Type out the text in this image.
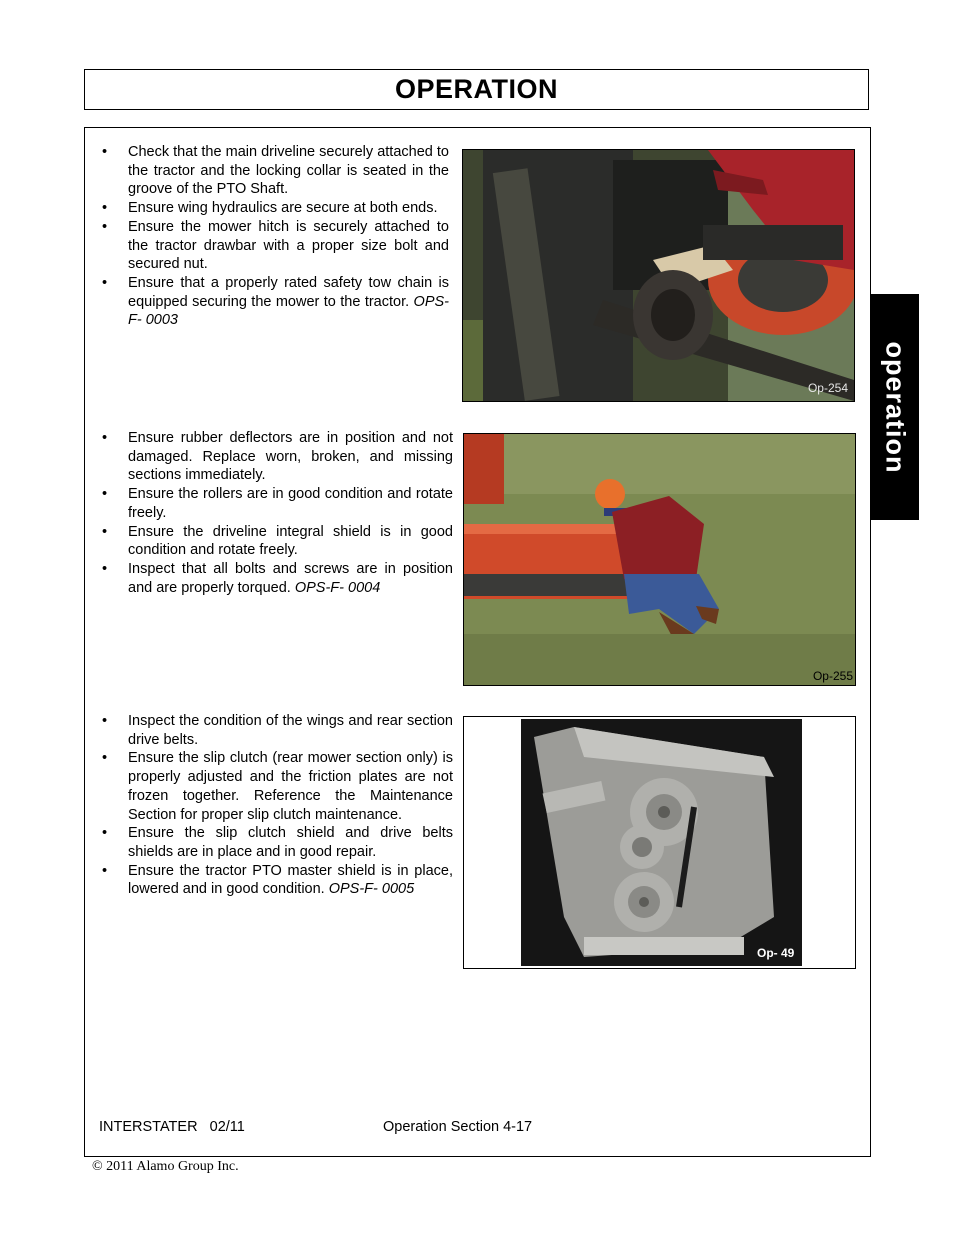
OPERATION
operation
• Check that the main driveline securely attached to the tractor and the locking collar is seated in the groove of the PTO Shaft.
• Ensure wing hydraulics are secure at both ends.
• Ensure the mower hitch is securely attached to the tractor drawbar with a proper size bolt and secured nut.
• Ensure that a properly rated safety tow chain is equipped securing the mower to the tractor. OPS-F- 0003
Op-254
• Ensure rubber deflectors are in position and not damaged. Replace worn, broken, and missing sections immediately.
• Ensure the rollers are in good condition and rotate freely.
• Ensure the driveline integral shield is in good condition and rotate freely.
• Inspect that all bolts and screws are in position and are properly torqued. OPS-F- 0004
Op-255
• Inspect the condition of the wings and rear section drive belts.
• Ensure the slip clutch (rear mower section only) is properly adjusted and the friction plates are not frozen together. Reference the Maintenance Section for proper slip clutch maintenance.
• Ensure the slip clutch shield and drive belts shields are in place and in good repair.
• Ensure the tractor PTO master shield is in place, lowered and in good condition. OPS-F- 0005
Op- 49
INTERSTATER   02/11	Operation Section 4-17
© 2011 Alamo Group Inc.
